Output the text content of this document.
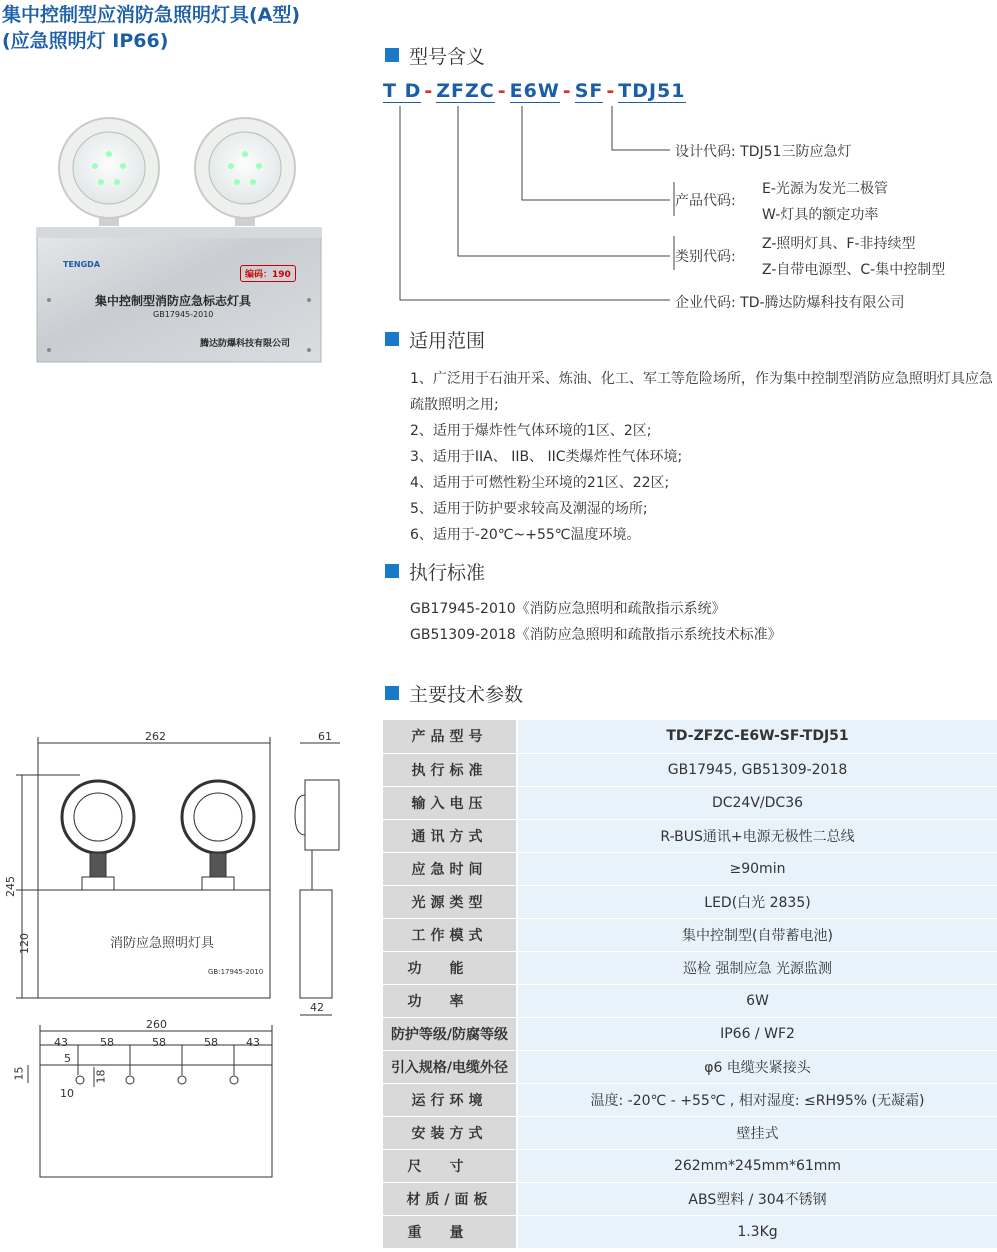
集中控制型应消防急照明灯具(A型)
(应急照明灯 IP66)
TENGDA
编码：190
集中控制型消防应急标志灯具
GB17945-2010
腾达防爆科技有限公司
型号含义
T D - ZFZC - E6W - SF - TDJ51
设计代码: TDJ51三防应急灯
产品代码:
E-光源为发光二极管
W-灯具的额定功率
类别代码:
Z-照明灯具、F-非持续型
Z-自带电源型、C-集中控制型
企业代码: TD-腾达防爆科技有限公司
适用范围
1、广泛用于石油开采、炼油、化工、军工等危险场所，作为集中控制型消防应急照明灯具应急疏散照明之用;
2、适用于爆炸性气体环境的1区、2区;
3、适用于IIA、 IIB、 IIC类爆炸性气体环境;
4、适用于可燃性粉尘环境的21区、22区;
5、适用于防护要求较高及潮湿的场所;
6、适用于-20℃~+55℃温度环境。
执行标准
GB17945-2010《消防应急照明和疏散指示系统》
GB51309-2018《消防应急照明和疏散指示系统技术标准》
主要技术参数
产品型号	TD-ZFZC-E6W-SF-TDJ51
执行标准	GB17945, GB51309-2018
输入电压	DC24V/DC36
通讯方式	R-BUS通讯+电源无极性二总线
应急时间	≥90min
光源类型	LED(白光 2835)
工作模式	集中控制型(自带蓄电池)
功能	巡检 强制应急 光源监测
功率	6W
防护等级/防腐等级	IP66 / WF2
引入规格/电缆外径	φ6 电缆夹紧接头
运行环境	温度: -20℃ - +55℃ , 相对湿度: ≤RH95% (无凝霜)
安装方式	壁挂式
尺寸	262mm*245mm*61mm
材质/面板	ABS塑料 / 304不锈钢
重量	1.3Kg
262	61
245
120
42
消防应急照明灯具
GB:17945-2010
260
43	58	58	58	43
5
15	18
10
